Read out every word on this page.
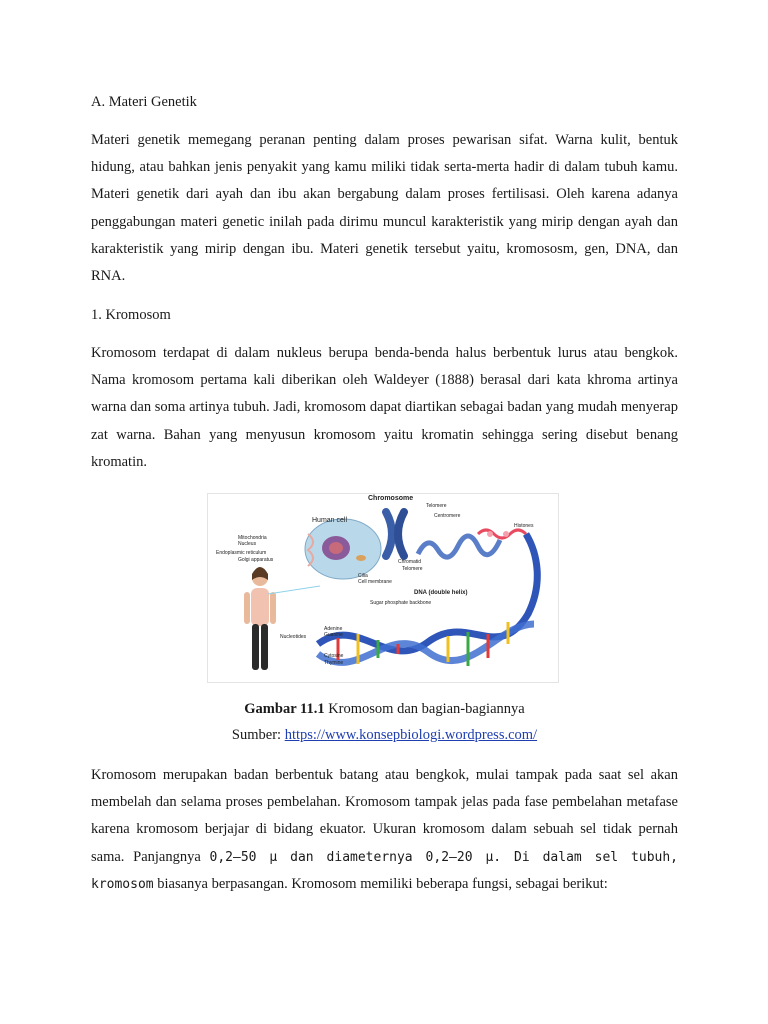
A. Materi Genetik
Materi genetik memegang peranan penting dalam proses pewarisan sifat. Warna kulit, bentuk hidung, atau bahkan jenis penyakit yang kamu miliki tidak serta-merta hadir di dalam tubuh kamu. Materi genetik dari ayah dan ibu akan bergabung dalam proses fertilisasi. Oleh karena adanya penggabungan materi genetic inilah pada dirimu muncul karakteristik yang mirip dengan ayah dan karakteristik yang mirip dengan ibu. Materi genetik tersebut yaitu, kromososm, gen, DNA, dan RNA.
1. Kromosom
Kromosom terdapat di dalam nukleus berupa benda-benda halus berbentuk lurus atau bengkok. Nama kromosom pertama kali diberikan oleh Waldeyer (1888) berasal dari kata khroma artinya warna dan soma artinya tubuh. Jadi, kromosom dapat diartikan sebagai badan yang mudah menyerap zat warna. Bahan yang menyusun kromosom yaitu kromatin sehingga sering disebut benang kromatin.
Chromosome
Telomere
Centromere
Histones
Human cell
Mitochondria
Nucleus
Endoplasmic reticulum
Golgi apparatus	Chromatid
Telomere
Cilia
Cell membrane
DNA (double helix)
Sugar phosphate backbone
Nucleotides
Adenine
Guanine
Cytosine
Thymine
Gambar 11.1 Kromosom dan bagian-bagiannya
Sumber: https://www.konsepbiologi.wordpress.com/
Kromosom merupakan badan berbentuk batang atau bengkok, mulai tampak pada saat sel akan membelah dan selama proses pembelahan. Kromosom tampak jelas pada fase pembelahan metafase karena kromosom berjajar di bidang ekuator. Ukuran kromosom dalam sebuah sel tidak pernah sama. Panjangnya 0,2–50 μ dan diameternya 0,2–20 μ. Di dalam sel tubuh, kromosom biasanya berpasangan. Kromosom memiliki beberapa fungsi, sebagai berikut:
